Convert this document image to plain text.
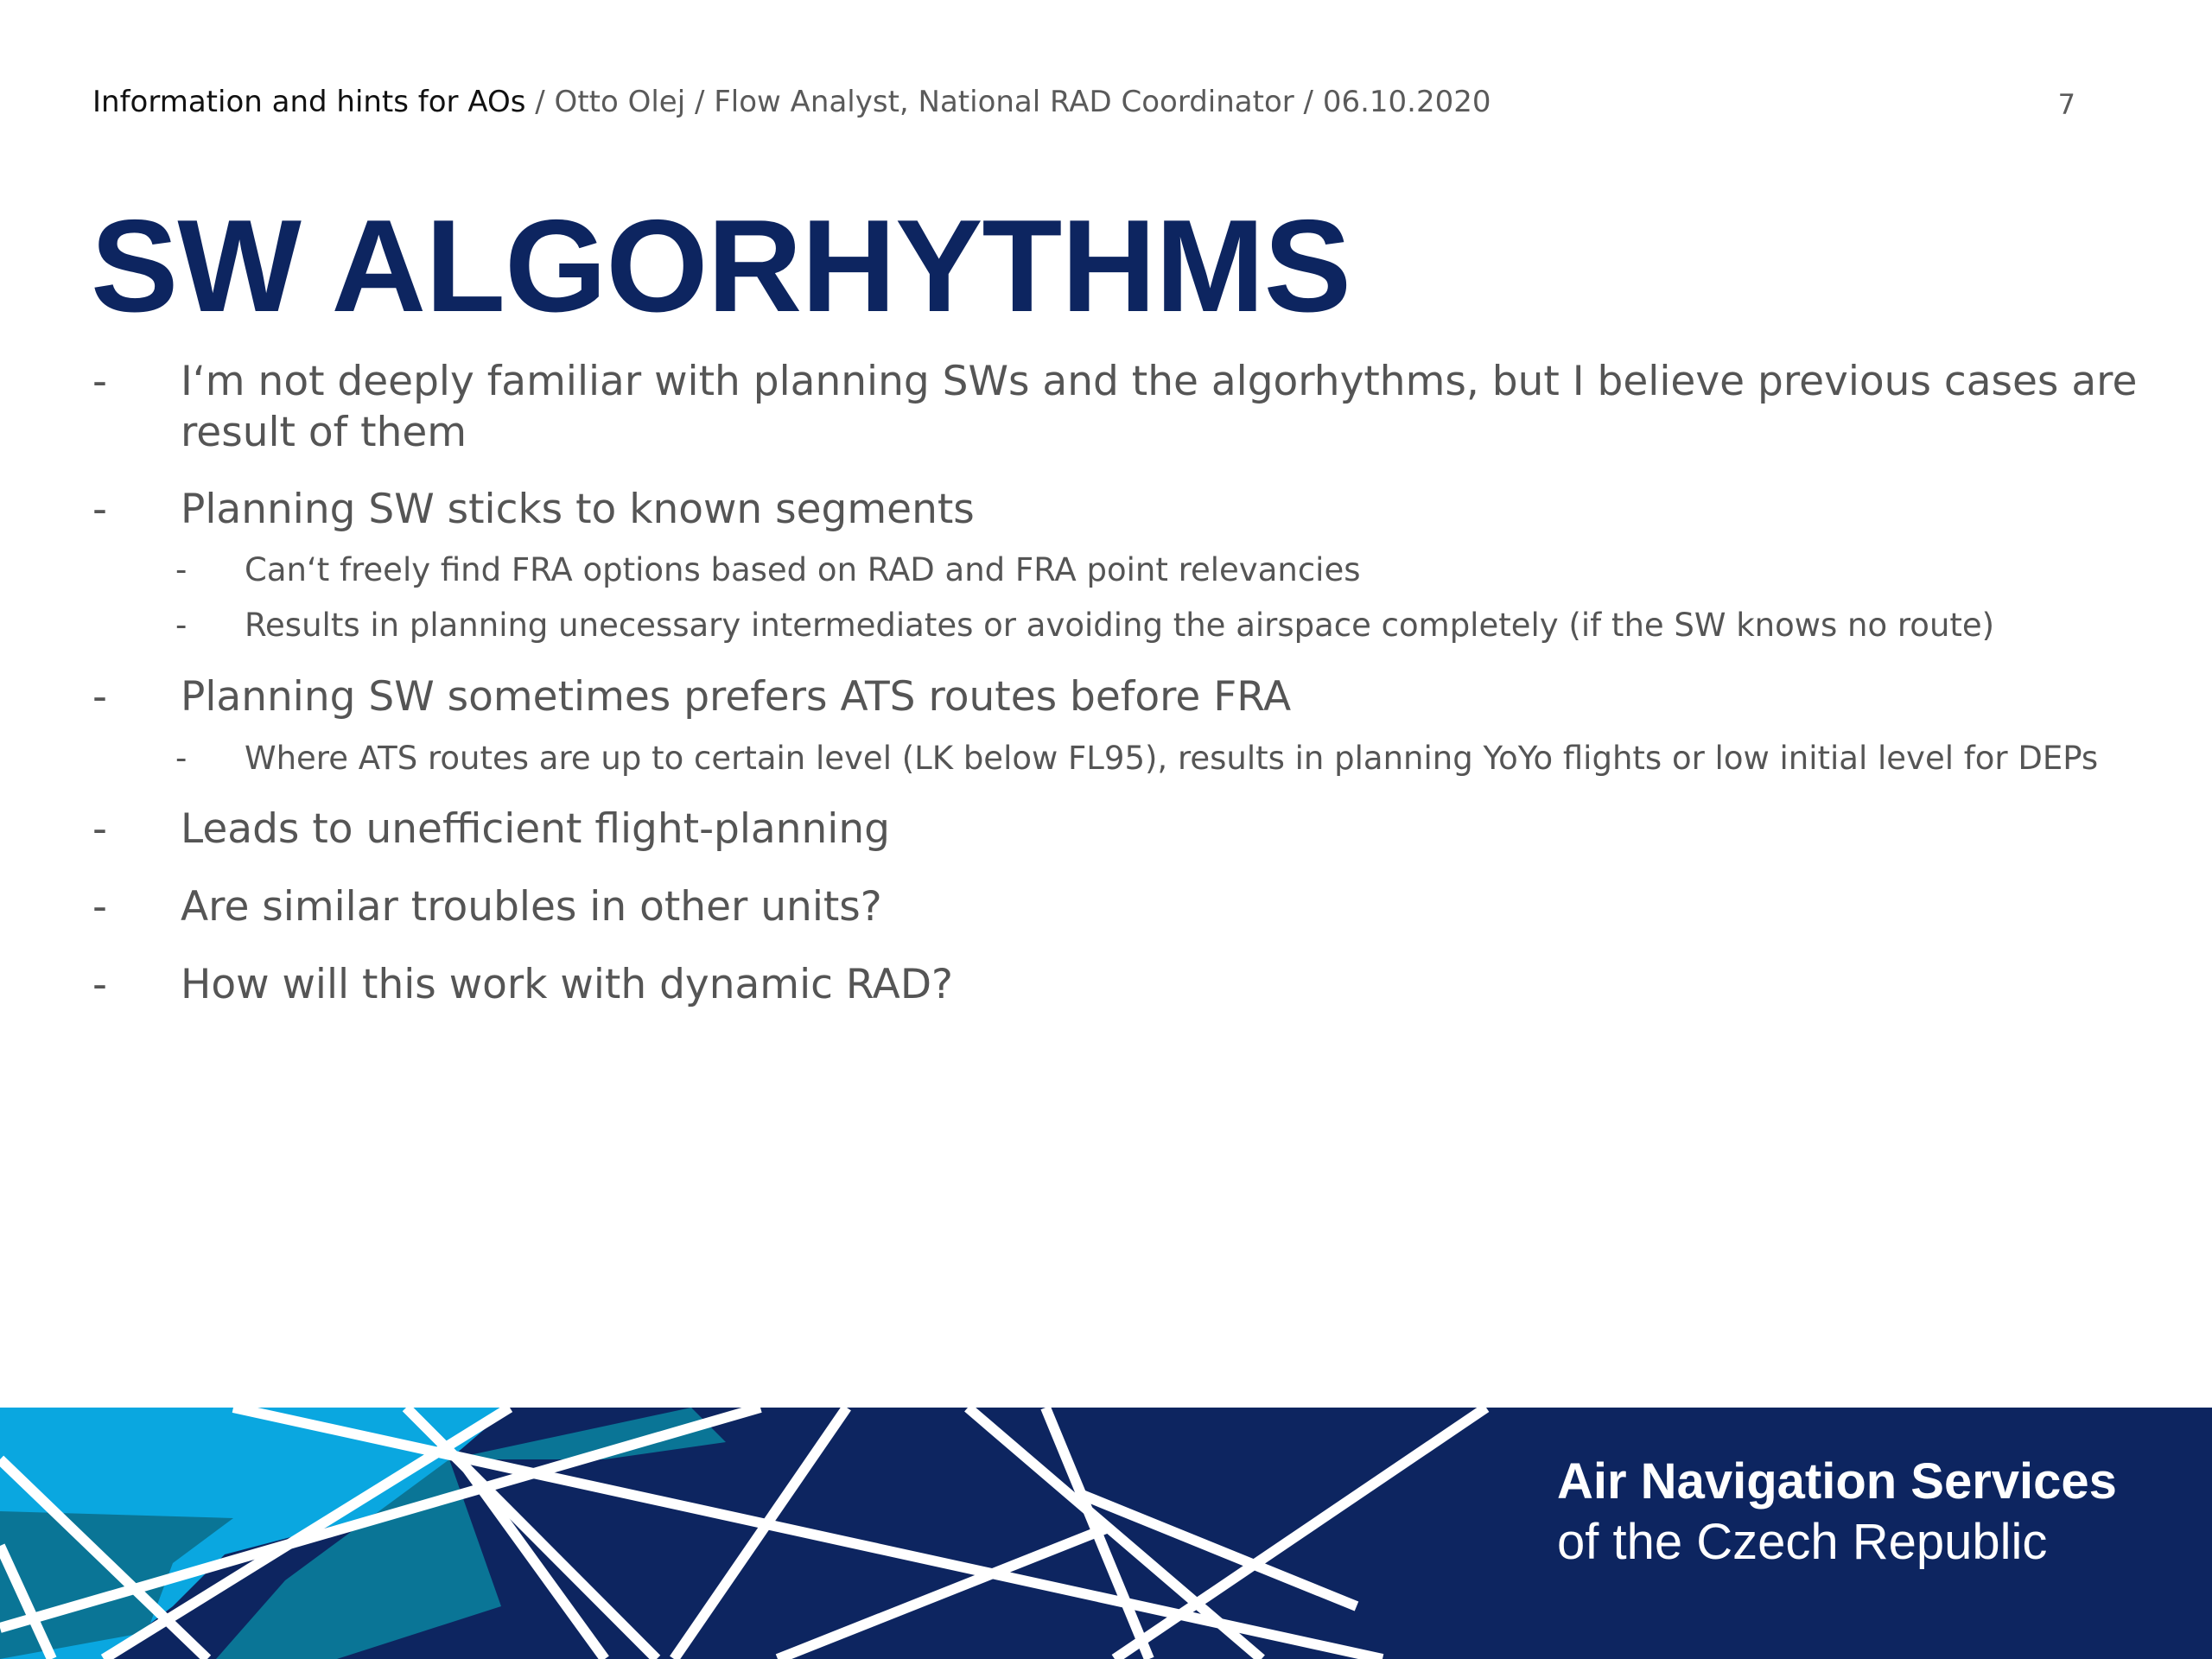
Information and hints for AOs / Otto Olej / Flow Analyst, National RAD Coordinator / 06.10.2020	7
SW ALGORHYTHMS
- I‘m not deeply familiar with planning SWs and the algorhythms, but I believe previous cases are
result of them
- Planning SW sticks to known segments
- Can‘t freely find FRA options based on RAD and FRA point relevancies
- Results in planning unecessary intermediates or avoiding the airspace completely (if the SW knows no route)
- Planning SW sometimes prefers ATS routes before FRA
- Where ATS routes are up to certain level (LK below FL95), results in planning YoYo flights or low initial level for DEPs
- Leads to unefficient flight-planning
- Are similar troubles in other units?
- How will this work with dynamic RAD?
Air Navigation Services
of the Czech Republic
